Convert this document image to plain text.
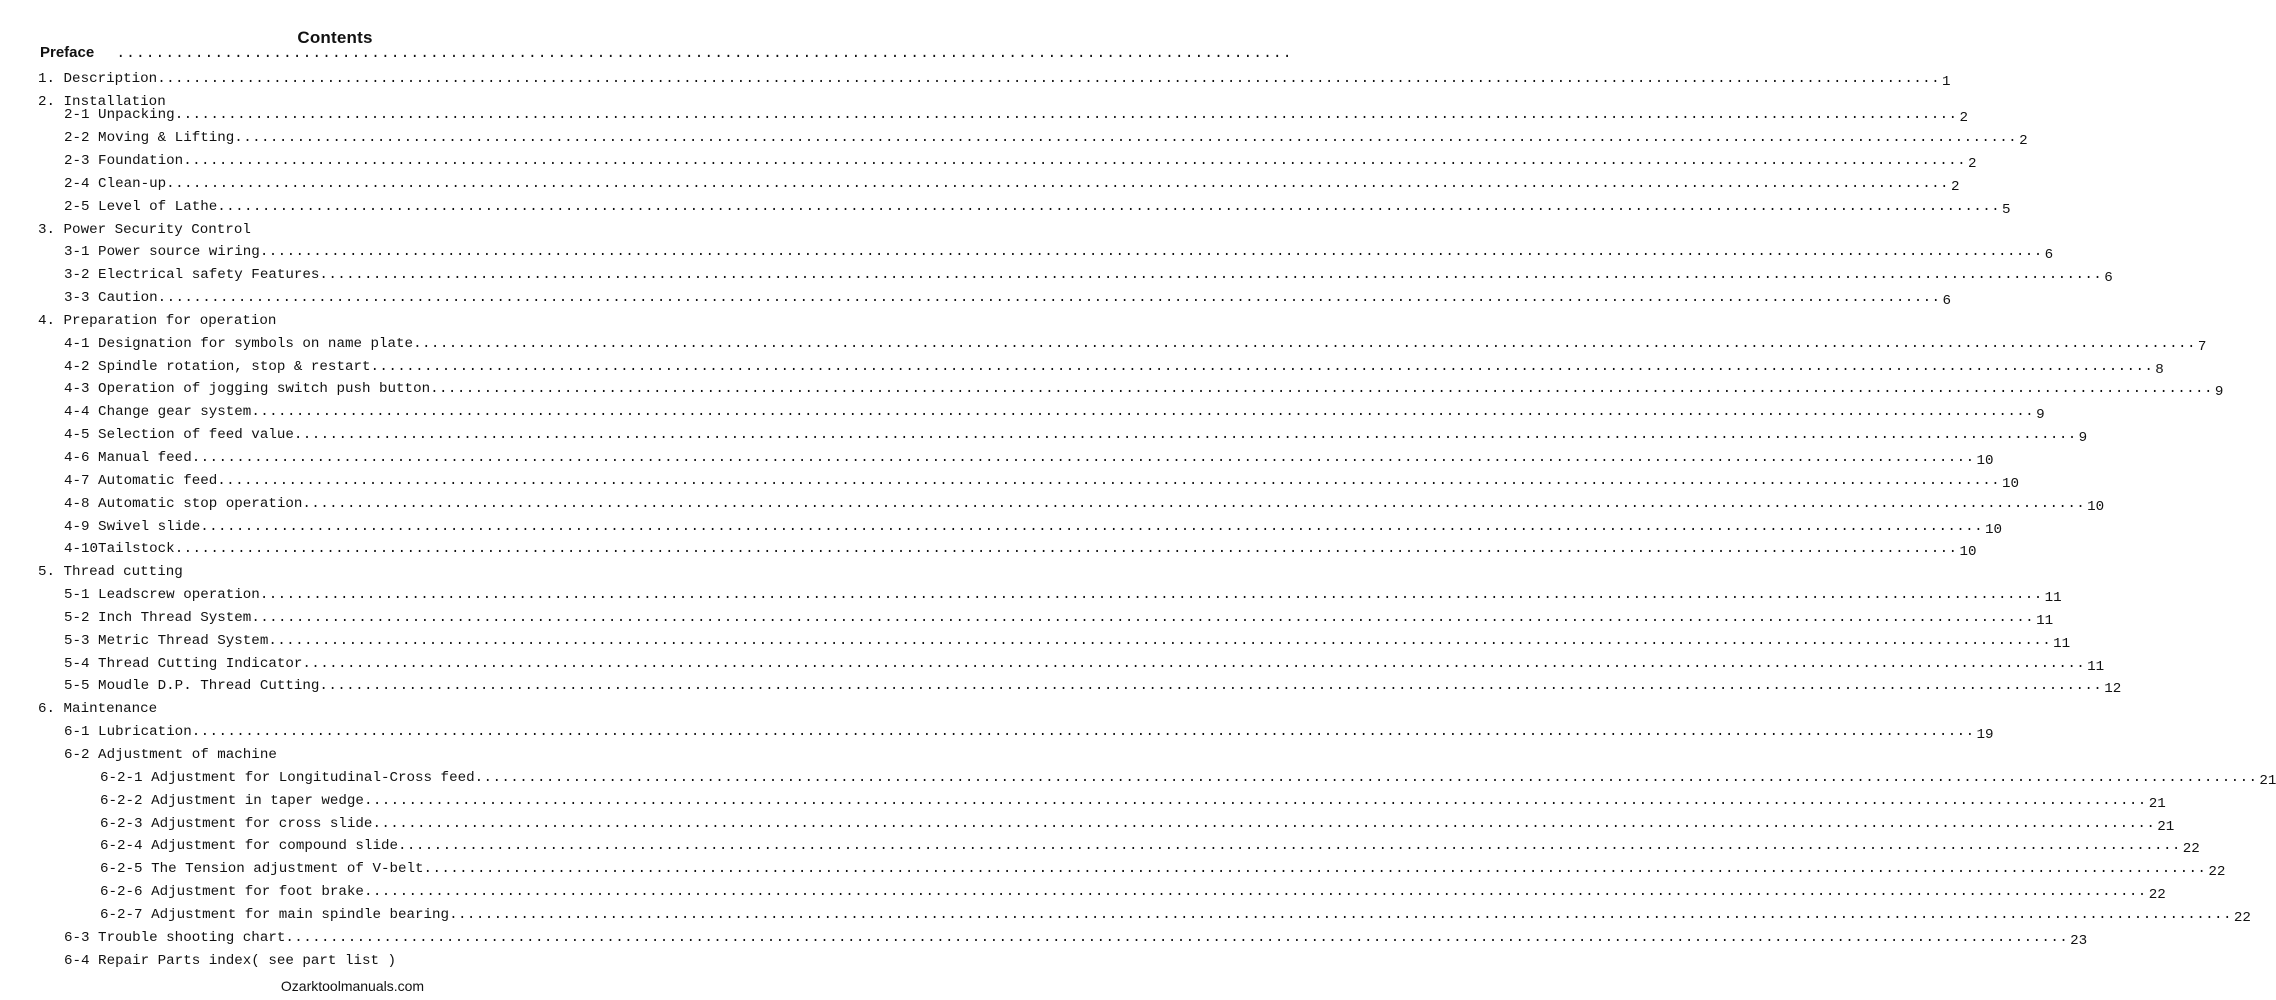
Contents
Preface ........................................................................................................................
1. Description ........................................................................................................................................................................................................ 1
2. Installation
2-1 Unpacking ........................................................................................................................................................................................................ 2
2-2 Moving & Lifting ........................................................................................................................................................................................................ 2
2-3 Foundation ........................................................................................................................................................................................................ 2
2-4 Clean-up ........................................................................................................................................................................................................ 2
2-5 Level of Lathe ........................................................................................................................................................................................................ 5
3. Power Security Control
3-1 Power source wiring ........................................................................................................................................................................................................ 6
3-2 Electrical safety Features ........................................................................................................................................................................................................ 6
3-3 Caution ........................................................................................................................................................................................................ 6
4. Preparation for operation
4-1 Designation for symbols on name plate ........................................................................................................................................................................................................ 7
4-2 Spindle rotation, stop & restart ........................................................................................................................................................................................................ 8
4-3 Operation of jogging switch push button ........................................................................................................................................................................................................ 9
4-4 Change gear system ........................................................................................................................................................................................................ 9
4-5 Selection of feed value ........................................................................................................................................................................................................ 9
4-6 Manual feed ........................................................................................................................................................................................................ 10
4-7 Automatic feed ........................................................................................................................................................................................................ 10
4-8 Automatic stop operation ........................................................................................................................................................................................................ 10
4-9 Swivel slide ........................................................................................................................................................................................................ 10
4-10Tailstock ........................................................................................................................................................................................................ 10
5. Thread cutting
5-1 Leadscrew operation ........................................................................................................................................................................................................ 11
5-2 Inch Thread System ........................................................................................................................................................................................................ 11
5-3 Metric Thread System ........................................................................................................................................................................................................ 11
5-4 Thread Cutting Indicator ........................................................................................................................................................................................................ 11
5-5 Moudle D.P. Thread Cutting ........................................................................................................................................................................................................ 12
6. Maintenance
6-1 Lubrication ........................................................................................................................................................................................................ 19
6-2 Adjustment of machine
6-2-1 Adjustment for Longitudinal-Cross feed ........................................................................................................................................................................................................ 21
6-2-2 Adjustment in taper wedge ........................................................................................................................................................................................................ 21
6-2-3 Adjustment for cross slide ........................................................................................................................................................................................................ 21
6-2-4 Adjustment for compound slide ........................................................................................................................................................................................................ 22
6-2-5 The Tension adjustment of V-belt ........................................................................................................................................................................................................ 22
6-2-6 Adjustment for foot brake ........................................................................................................................................................................................................ 22
6-2-7 Adjustment for main spindle bearing ........................................................................................................................................................................................................ 22
6-3 Trouble shooting chart ........................................................................................................................................................................................................ 23
6-4 Repair Parts index( see part list )
Ozarktoolmanuals.com
